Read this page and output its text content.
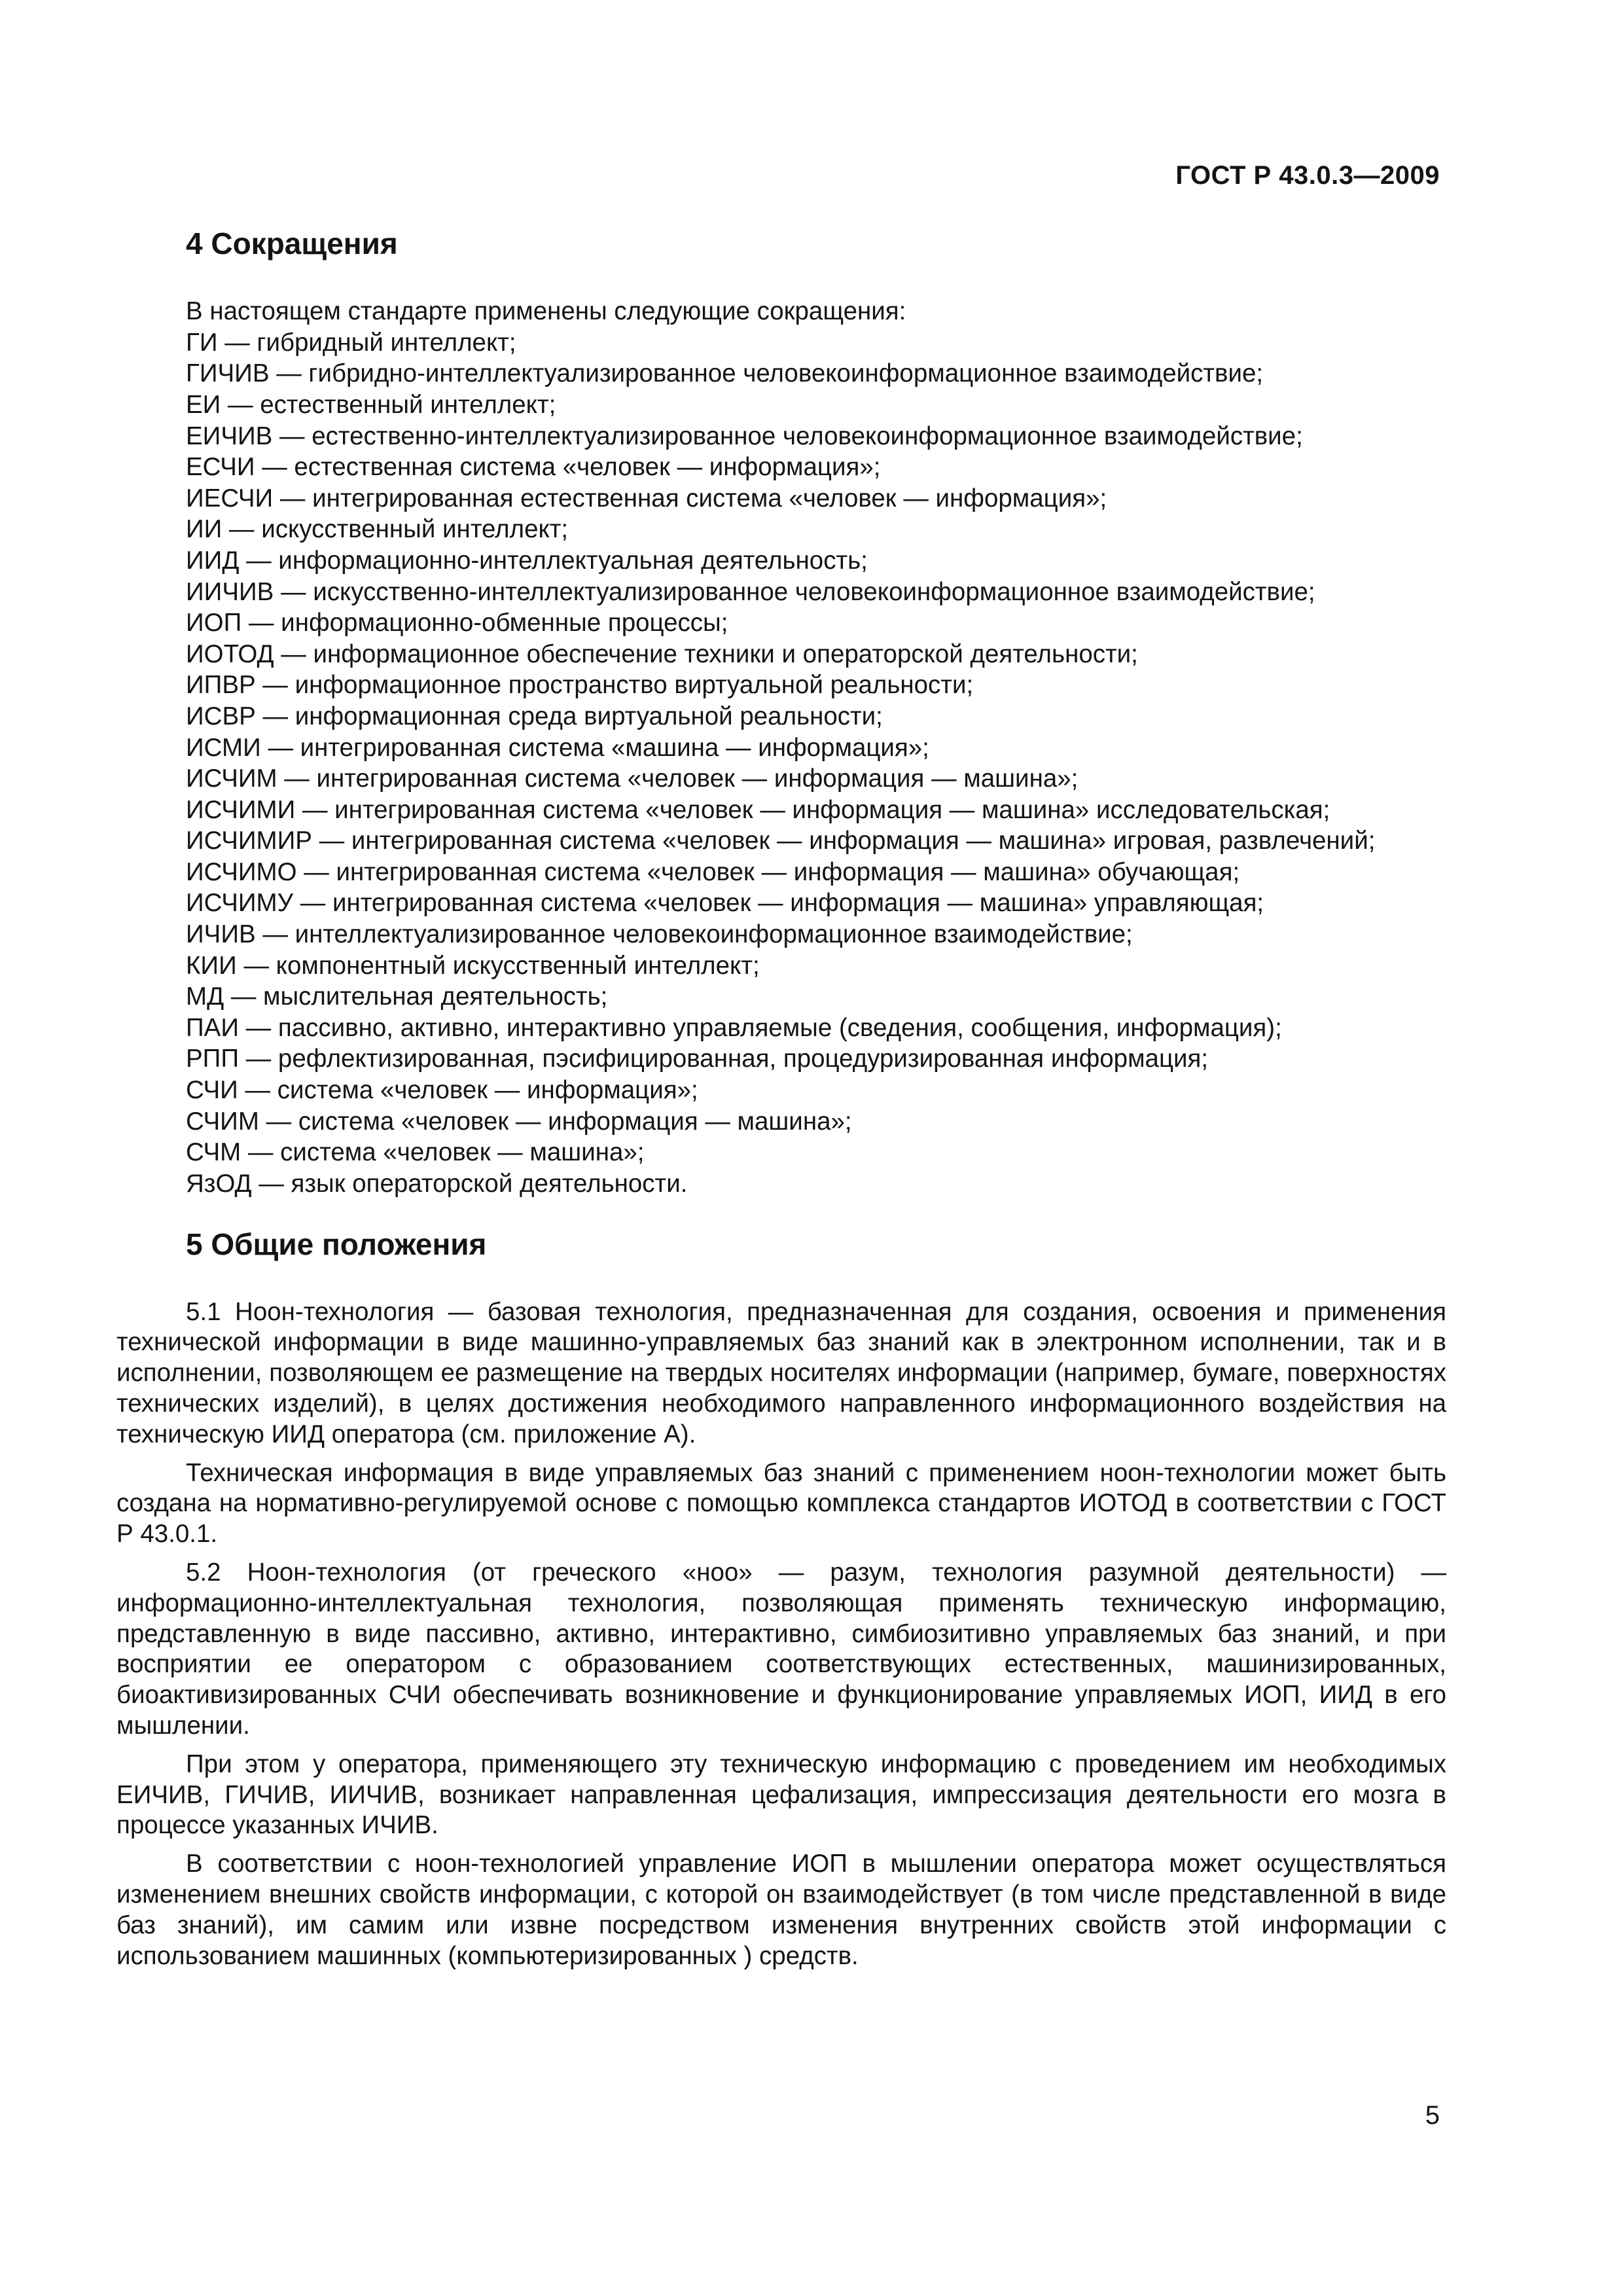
ГОСТ Р 43.0.3—2009
4 Сокращения
В настоящем стандарте применены следующие сокращения:
ГИ — гибридный интеллект;
ГИЧИВ — гибридно-интеллектуализированное человекоинформационное взаимодействие;
ЕИ — естественный интеллект;
ЕИЧИВ — естественно-интеллектуализированное человекоинформационное взаимодействие;
ЕСЧИ — естественная система «человек — информация»;
ИЕСЧИ — интегрированная естественная система «человек — информация»;
ИИ — искусственный интеллект;
ИИД — информационно-интеллектуальная деятельность;
ИИЧИВ — искусственно-интеллектуализированное человекоинформационное взаимодействие;
ИОП — информационно-обменные процессы;
ИОТОД — информационное обеспечение техники и операторской деятельности;
ИПВР — информационное пространство виртуальной реальности;
ИСВР — информационная среда виртуальной реальности;
ИСМИ — интегрированная система «машина — информация»;
ИСЧИМ — интегрированная система «человек — информация — машина»;
ИСЧИМИ — интегрированная система «человек — информация — машина» исследовательская;
ИСЧИМИР — интегрированная система «человек — информация — машина» игровая, развлечений;
ИСЧИМО — интегрированная система «человек — информация — машина» обучающая;
ИСЧИМУ — интегрированная система «человек — информация — машина» управляющая;
ИЧИВ — интеллектуализированное человекоинформационное взаимодействие;
КИИ — компонентный искусственный интеллект;
МД — мыслительная деятельность;
ПАИ — пассивно, активно, интерактивно управляемые (сведения, сообщения, информация);
РПП — рефлектизированная, пэсифицированная, процедуризированная информация;
СЧИ — система «человек — информация»;
СЧИМ — система «человек — информация — машина»;
СЧМ — система «человек — машина»;
ЯзОД — язык операторской деятельности.
5 Общие положения

5.1 Ноон-технология — базовая технология, предназначенная для создания, освоения и применения технической информации в виде машинно-управляемых баз знаний как в электронном исполнении, так и в исполнении, позволяющем ее размещение на твердых носителях информации (например, бумаге, поверхностях технических изделий), в целях достижения необходимого направленного информационного воздействия на техническую ИИД оператора (см. приложение А).

Техническая информация в виде управляемых баз знаний с применением ноон-технологии может быть создана на нормативно-регулируемой основе с помощью комплекса стандартов ИОТОД в соответствии с ГОСТ Р 43.0.1.

5.2 Ноон-технология (от греческого «ноо» — разум, технология разумной деятельности) — информационно-интеллектуальная технология, позволяющая применять техническую информацию, представленную в виде пассивно, активно, интерактивно, симбиозитивно управляемых баз знаний, и при восприятии ее оператором с образованием соответствующих естественных, машинизированных, биоактивизированных СЧИ обеспечивать возникновение и функционирование управляемых ИОП, ИИД в его мышлении.

При этом у оператора, применяющего эту техническую информацию с проведением им необходимых ЕИЧИВ, ГИЧИВ, ИИЧИВ, возникает направленная цефализация, импрессизация деятельности его мозга в процессе указанных ИЧИВ.

В соответствии с ноон-технологией управление ИОП в мышлении оператора может осуществляться изменением внешних свойств информации, с которой он взаимодействует (в том числе представленной в виде баз знаний), им самим или извне посредством изменения внутренних свойств этой информации с использованием машинных (компьютеризированных ) средств.

5
